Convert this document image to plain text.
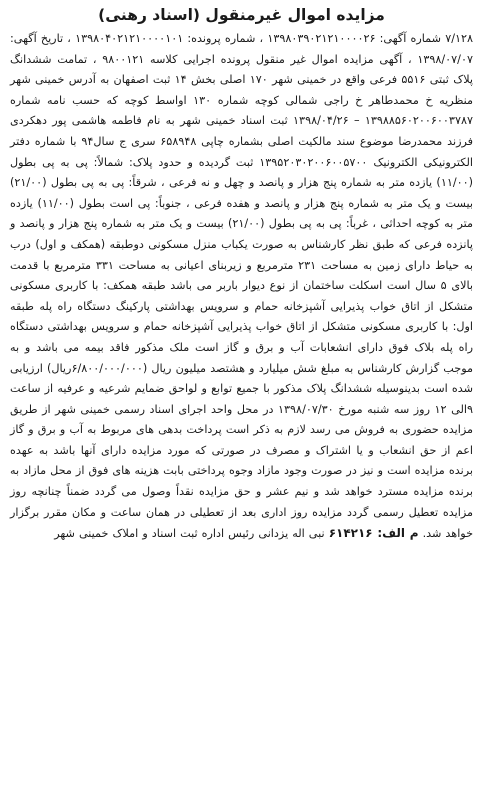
مزایده اموال غیرمنقول (اسناد رهنی)

۷/۱۲۸ شماره آگهی: ۱۳۹۸۰۳۹۰۲۱۲۱۰۰۰۰۲۶ ، شماره پرونده: ۱۳۹۸۰۴۰۲۱۲۱۰۰۰۰۱۰۱ ، تاریخ آگهی: ۱۳۹۸/۰۷/۰۷ ، آگهی مزایده اموال غیر منقول پرونده اجرایی کلاسه ۹۸۰۰۱۲۱ ، تمامت ششدانگ پلاک ثبتی ۵۵۱۶ فرعی واقع در خمینی شهر ۱۷۰ اصلی بخش ۱۴ ثبت اصفهان به آدرس خمینی شهر منظریه خ محمدطاهر خ راجی شمالی کوچه شماره ۱۳۰ اواسط کوچه که حسب نامه شماره ۱۳۹۸۸۵۶۰۲۰۰۶۰۰۳۷۸۷ – ۱۳۹۸/۰۴/۲۶ ثبت اسناد خمینی شهر به نام فاطمه هاشمی پور دهکردی فرزند محمدرضا موضوع سند مالکیت اصلی بشماره چاپی ۶۵۸۹۴۸ سری ج سال۹۴ با شماره دفتر الکترونیکی الکترونیک ۱۳۹۵۲۰۳۰۲۰۰۶۰۰۵۷۰۰ ثبت گردیده و حدود پلاک: شمالاً: پی به پی بطول (۱۱/۰۰) یازده متر به شماره پنج هزار و پانصد و چهل و نه فرعی ، شرقاً: پی به پی بطول (۲۱/۰۰) بیست و یک متر به شماره پنج هزار و پانصد و هفده فرعی ، جنوباً: پی است بطول (۱۱/۰۰) یازده متر به کوچه احداثی ، غرباً: پی به پی بطول (۲۱/۰۰) بیست و یک متر به شماره پنج هزار و پانصد و پانزده فرعی که طبق نظر کارشناس به صورت یکباب منزل مسکونی دوطبقه (همکف و اول) درب به حیاط دارای زمین به مساحت ۲۳۱ مترمربع و زیربنای اعیانی به مساحت ۳۳۱ مترمربع با قدمت بالای ۵ سال است اسکلت ساختمان از نوع دیوار باربر می باشد طبقه همکف: با کاربری مسکونی متشکل از اتاق خواب پذیرایی آشپزخانه حمام و سرویس بهداشتی پارکینگ دستگاه راه پله طبقه اول: با کاربری مسکونی متشکل از اتاق خواب پذیرایی آشپزخانه حمام و سرویس بهداشتی دستگاه راه پله بلاک فوق دارای انشعابات آب و برق و گاز است ملک مذکور فاقد بیمه می باشد و به موجب گزارش کارشناس به مبلغ شش میلیارد و هشتصد میلیون ریال (۶/۸۰۰/۰۰۰/۰۰۰ریال) ارزیابی شده است بدینوسیله ششدانگ پلاک مذکور با جمیع توابع و لواحق ضمایم شرعیه و عرفیه از ساعت ۹الی ۱۲ روز سه شنبه مورخ ۱۳۹۸/۰۷/۳۰ در محل واحد اجرای اسناد رسمی خمینی شهر از طریق مزایده حضوری به فروش می رسد لازم به ذکر است پرداخت بدهی های مربوط به آب و برق و گاز اعم از حق انشعاب و یا اشتراک و مصرف در صورتی که مورد مزایده دارای آنها باشد به عهده برنده مزایده است و نیز در صورت وجود مازاد وجوه پرداختی بابت هزینه های فوق از محل مازاد به برنده مزایده مسترد خواهد شد و نیم عشر و حق مزایده نقداً وصول می گردد ضمناً چنانچه روز مزایده تعطیل رسمی گردد مزایده روز اداری بعد از تعطیلی در همان ساعت و مکان مقرر برگزار خواهد شد. م الف: ۶۱۴۲۱۶ نبی اله یزدانی رئیس اداره ثبت اسناد و املاک خمینی شهر
